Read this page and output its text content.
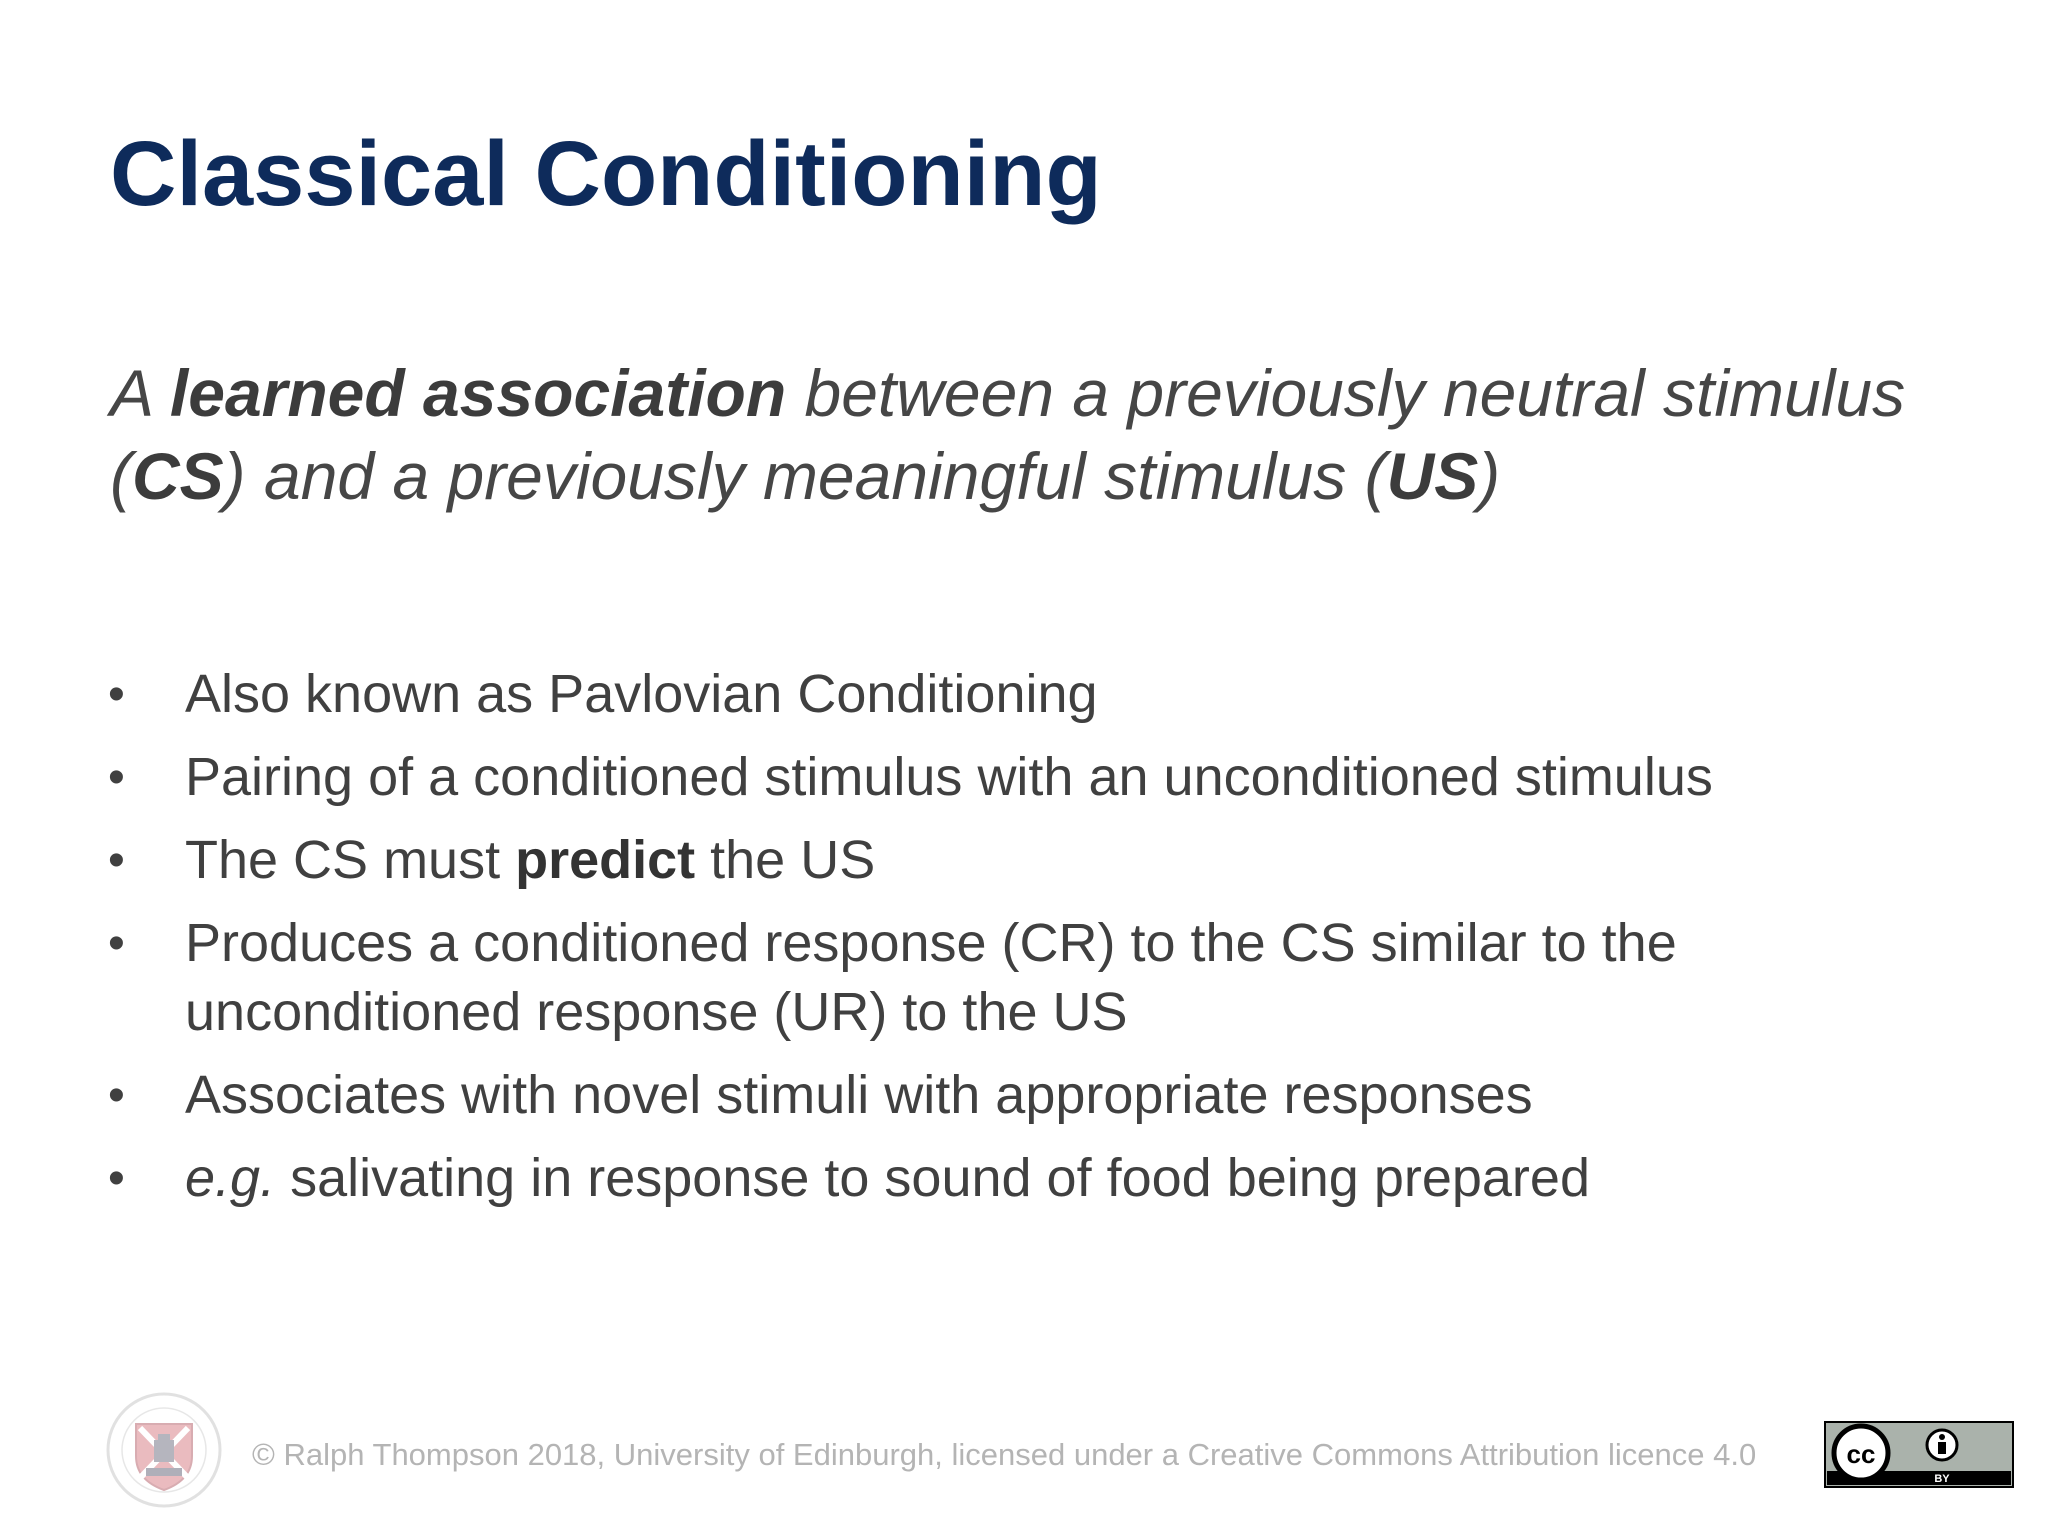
Classical Conditioning

A learned association between a previously neutral stimulus (CS) and a previously meaningful stimulus (US)

• Also known as Pavlovian Conditioning
• Pairing of a conditioned stimulus with an unconditioned stimulus
• The CS must predict the US
• Produces a conditioned response (CR) to the CS similar to the unconditioned response (UR) to the US
• Associates with novel stimuli with appropriate responses
• e.g. salivating in response to sound of food being prepared
© Ralph Thompson 2018, University of Edinburgh, licensed under a Creative Commons Attribution licence 4.0	cc
BY
